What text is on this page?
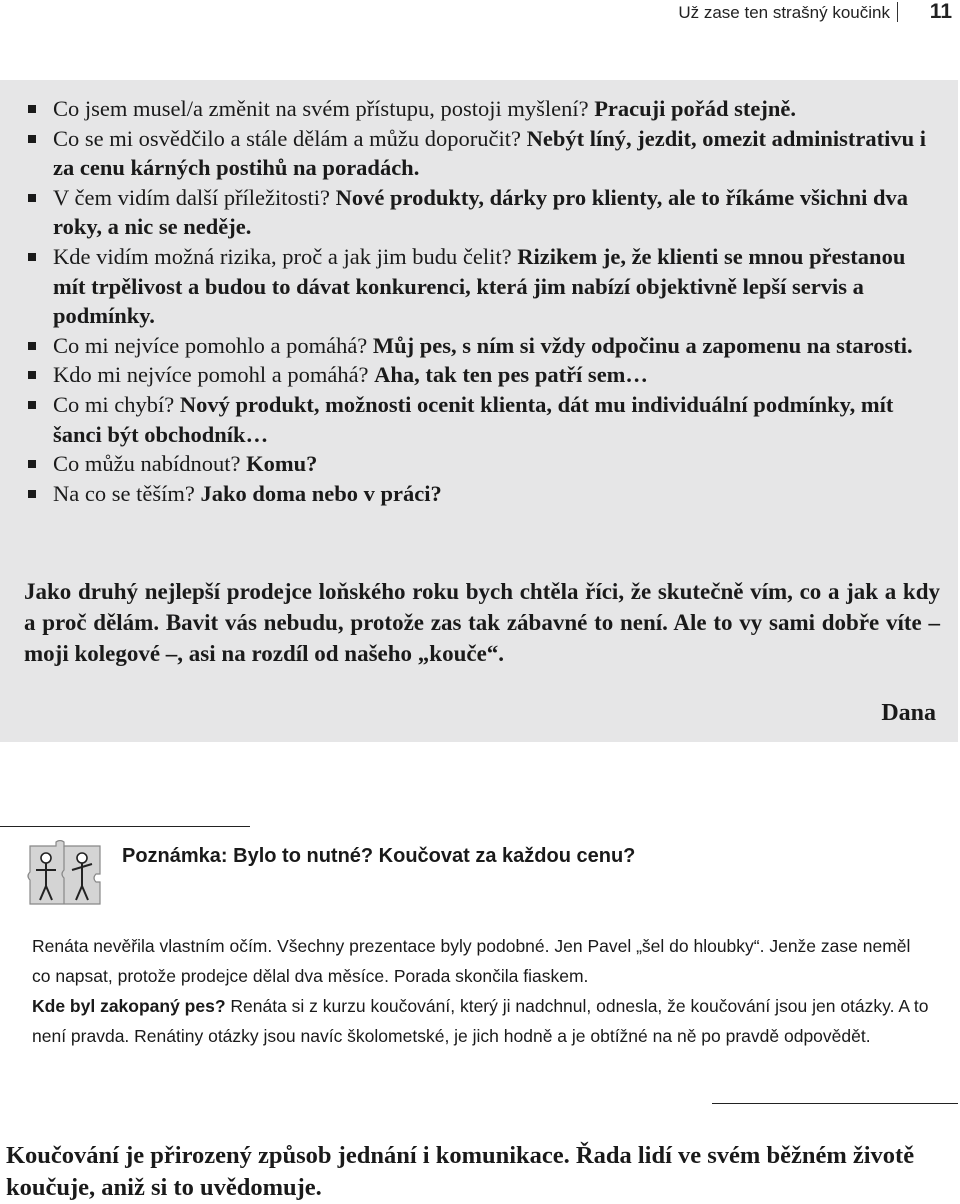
Už zase ten strašný koučink 11
Co jsem musel/a změnit na svém přístupu, postoji myšlení? Pracuji pořád stejně.
Co se mi osvědčilo a stále dělám a můžu doporučit? Nebýt líný, jezdit, omezit administrativu i za cenu kárných postihů na poradách.
V čem vidím další příležitosti? Nové produkty, dárky pro klienty, ale to říkáme všichni dva roky, a nic se neděje.
Kde vidím možná rizika, proč a jak jim budu čelit? Rizikem je, že klienti se mnou přestanou mít trpělivost a budou to dávat konkurenci, která jim nabízí objektivně lepší servis a podmínky.
Co mi nejvíce pomohlo a pomáhá? Můj pes, s ním si vždy odpočinu a zapomenu na starosti.
Kdo mi nejvíce pomohl a pomáhá? Aha, tak ten pes patří sem…
Co mi chybí? Nový produkt, možnosti ocenit klienta, dát mu individuální podmínky, mít šanci být obchodník…
Co můžu nabídnout? Komu?
Na co se těším? Jako doma nebo v práci?
Jako druhý nejlepší prodejce loňského roku bych chtěla říci, že skutečně vím, co a jak a kdy a proč dělám. Bavit vás nebudu, protože zas tak zábavné to není. Ale to vy sami dobře víte – moji kolegové –, asi na rozdíl od našeho „kouče“.
Dana
Poznámka: Bylo to nutné? Koučovat za každou cenu?

Renáta nevěřila vlastním očím. Všechny prezentace byly podobné. Jen Pavel „šel do hloubky“. Jenže zase neměl co napsat, protože prodejce dělal dva měsíce. Porada skončila fiaskem.

Kde byl zakopaný pes? Renáta si z kurzu koučování, který ji nadchnul, odnesla, že koučování jsou jen otázky. A to není pravda. Renátiny otázky jsou navíc školometské, je jich hodně a je obtížné na ně po pravdě odpovědět.

Koučování je přirozený způsob jednání i komunikace. Řada lidí ve svém běžném životě koučuje, aniž si to uvědomuje.
